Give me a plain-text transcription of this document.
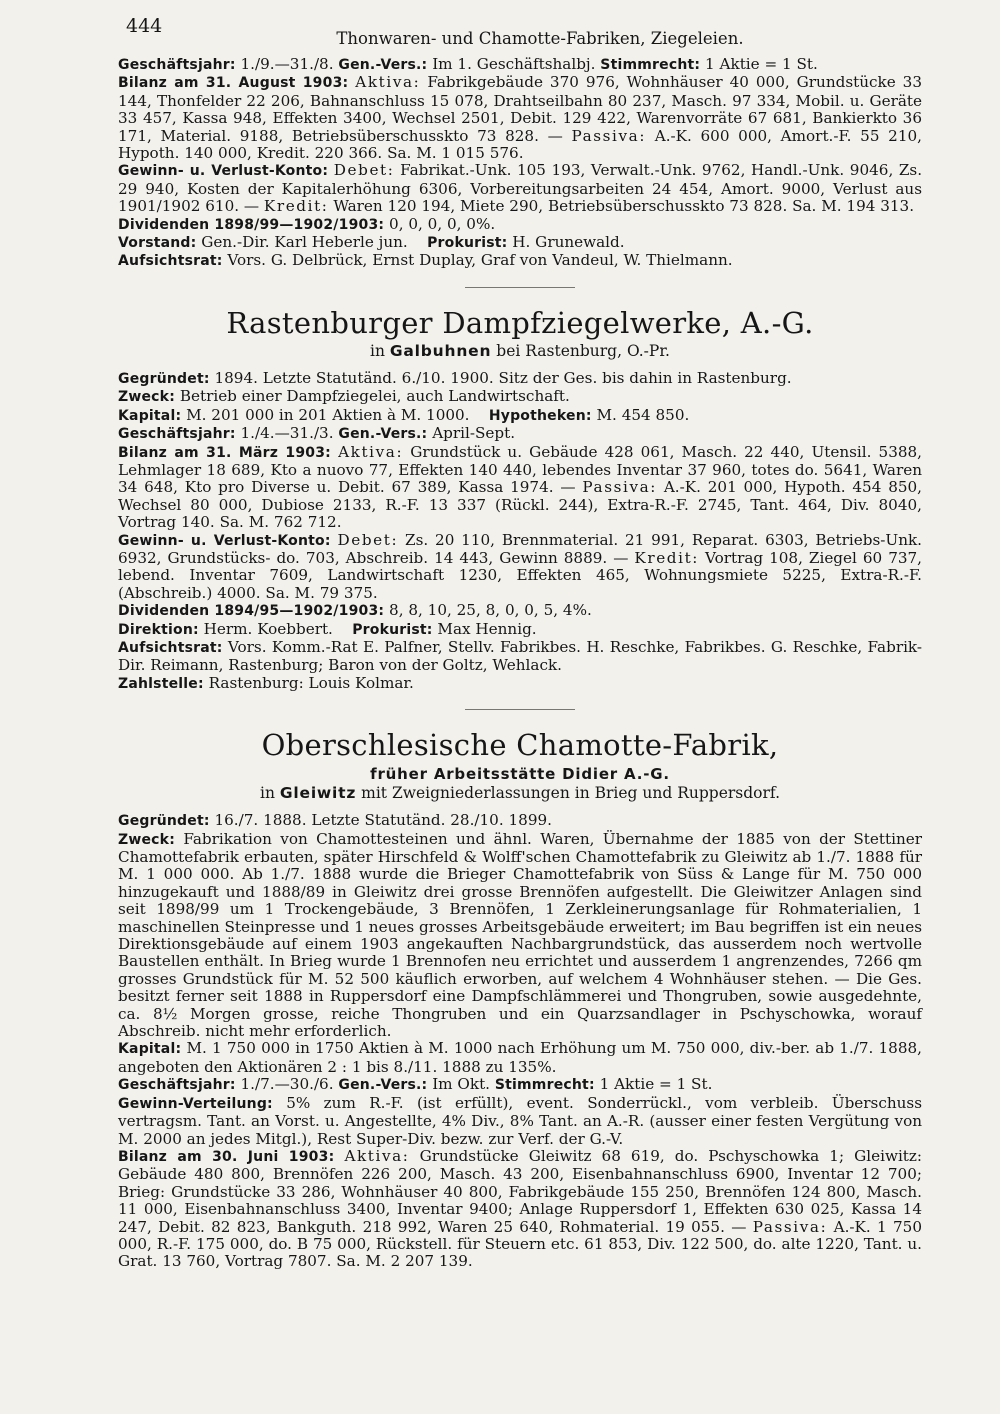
444
Thonwaren- und Chamotte-Fabriken, Ziegeleien.

Geschäftsjahr: 1./9.—31./8. Gen.-Vers.: Im 1. Geschäftshalbj. Stimmrecht: 1 Aktie = 1 St.

Bilanz am 31. August 1903: Aktiva: Fabrikgebäude 370 976, Wohnhäuser 40 000, Grundstücke 33 144, Thonfelder 22 206, Bahnanschluss 15 078, Drahtseilbahn 80 237, Masch. 97 334, Mobil. u. Geräte 33 457, Kassa 948, Effekten 3400, Wechsel 2501, Debit. 129 422, Warenvorräte 67 681, Bankierkto 36 171, Material. 9188, Betriebsüberschusskto 73 828. — Passiva: A.-K. 600 000, Amort.-F. 55 210, Hypoth. 140 000, Kredit. 220 366. Sa. M. 1 015 576.

Gewinn- u. Verlust-Konto: Debet: Fabrikat.-Unk. 105 193, Verwalt.-Unk. 9762, Handl.-Unk. 9046, Zs. 29 940, Kosten der Kapitalerhöhung 6306, Vorbereitungsarbeiten 24 454, Amort. 9000, Verlust aus 1901/1902 610. — Kredit: Waren 120 194, Miete 290, Betriebsüberschusskto 73 828. Sa. M. 194 313.

Dividenden 1898/99—1902/1903: 0, 0, 0, 0, 0%.

Vorstand: Gen.-Dir. Karl Heberle jun. Prokurist: H. Grunewald.

Aufsichtsrat: Vors. G. Delbrück, Ernst Duplay, Graf von Vandeul, W. Thielmann.

Rastenburger Dampfziegelwerke, A.-G.
in Galbuhnen bei Rastenburg, O.-Pr.

Gegründet: 1894. Letzte Statutänd. 6./10. 1900. Sitz der Ges. bis dahin in Rastenburg.

Zweck: Betrieb einer Dampfziegelei, auch Landwirtschaft.

Kapital: M. 201 000 in 201 Aktien à M. 1000. Hypotheken: M. 454 850.

Geschäftsjahr: 1./4.—31./3. Gen.-Vers.: April-Sept.

Bilanz am 31. März 1903: Aktiva: Grundstück u. Gebäude 428 061, Masch. 22 440, Utensil. 5388, Lehmlager 18 689, Kto a nuovo 77, Effekten 140 440, lebendes Inventar 37 960, totes do. 5641, Waren 34 648, Kto pro Diverse u. Debit. 67 389, Kassa 1974. — Passiva: A.-K. 201 000, Hypoth. 454 850, Wechsel 80 000, Dubiose 2133, R.-F. 13 337 (Rückl. 244), Extra-R.-F. 2745, Tant. 464, Div. 8040, Vortrag 140. Sa. M. 762 712.

Gewinn- u. Verlust-Konto: Debet: Zs. 20 110, Brennmaterial. 21 991, Reparat. 6303, Betriebs-Unk. 6932, Grundstücks- do. 703, Abschreib. 14 443, Gewinn 8889. — Kredit: Vortrag 108, Ziegel 60 737, lebend. Inventar 7609, Landwirtschaft 1230, Effekten 465, Wohnungsmiete 5225, Extra-R.-F. (Abschreib.) 4000. Sa. M. 79 375.

Dividenden 1894/95—1902/1903: 8, 8, 10, 25, 8, 0, 0, 5, 4%.

Direktion: Herm. Koebbert. Prokurist: Max Hennig.

Aufsichtsrat: Vors. Komm.-Rat E. Palfner, Stellv. Fabrikbes. H. Reschke, Fabrikbes. G. Reschke, Fabrik-Dir. Reimann, Rastenburg; Baron von der Goltz, Wehlack.

Zahlstelle: Rastenburg: Louis Kolmar.

Oberschlesische Chamotte-Fabrik,
früher Arbeitsstätte Didier A.-G.
in Gleiwitz mit Zweigniederlassungen in Brieg und Ruppersdorf.

Gegründet: 16./7. 1888. Letzte Statutänd. 28./10. 1899.

Zweck: Fabrikation von Chamottesteinen und ähnl. Waren, Übernahme der 1885 von der Stettiner Chamottefabrik erbauten, später Hirschfeld & Wolff'schen Chamottefabrik zu Gleiwitz ab 1./7. 1888 für M. 1 000 000. Ab 1./7. 1888 wurde die Brieger Chamottefabrik von Süss & Lange für M. 750 000 hinzugekauft und 1888/89 in Gleiwitz drei grosse Brennöfen aufgestellt. Die Gleiwitzer Anlagen sind seit 1898/99 um 1 Trockengebäude, 3 Brennöfen, 1 Zerkleinerungsanlage für Rohmaterialien, 1 maschinellen Steinpresse und 1 neues grosses Arbeitsgebäude erweitert; im Bau begriffen ist ein neues Direktionsgebäude auf einem 1903 angekauften Nachbargrundstück, das ausserdem noch wertvolle Baustellen enthält. In Brieg wurde 1 Brennofen neu errichtet und ausserdem 1 angrenzendes, 7266 qm grosses Grundstück für M. 52 500 käuflich erworben, auf welchem 4 Wohnhäuser stehen. — Die Ges. besitzt ferner seit 1888 in Ruppersdorf eine Dampfschlämmerei und Thongruben, sowie ausgedehnte, ca. 8½ Morgen grosse, reiche Thongruben und ein Quarzsandlager in Pschyschowka, worauf Abschreib. nicht mehr erforderlich.

Kapital: M. 1 750 000 in 1750 Aktien à M. 1000 nach Erhöhung um M. 750 000, div.-ber. ab 1./7. 1888, angeboten den Aktionären 2 : 1 bis 8./11. 1888 zu 135%.

Geschäftsjahr: 1./7.—30./6. Gen.-Vers.: Im Okt. Stimmrecht: 1 Aktie = 1 St.

Gewinn-Verteilung: 5% zum R.-F. (ist erfüllt), event. Sonderrückl., vom verbleib. Überschuss vertragsm. Tant. an Vorst. u. Angestellte, 4% Div., 8% Tant. an A.-R. (ausser einer festen Vergütung von M. 2000 an jedes Mitgl.), Rest Super-Div. bezw. zur Verf. der G.-V.

Bilanz am 30. Juni 1903: Aktiva: Grundstücke Gleiwitz 68 619, do. Pschyschowka 1; Gleiwitz: Gebäude 480 800, Brennöfen 226 200, Masch. 43 200, Eisenbahnanschluss 6900, Inventar 12 700; Brieg: Grundstücke 33 286, Wohnhäuser 40 800, Fabrikgebäude 155 250, Brennöfen 124 800, Masch. 11 000, Eisenbahnanschluss 3400, Inventar 9400; Anlage Ruppersdorf 1, Effekten 630 025, Kassa 14 247, Debit. 82 823, Bankguth. 218 992, Waren 25 640, Rohmaterial. 19 055. — Passiva: A.-K. 1 750 000, R.-F. 175 000, do. B 75 000, Rückstell. für Steuern etc. 61 853, Div. 122 500, do. alte 1220, Tant. u. Grat. 13 760, Vortrag 7807. Sa. M. 2 207 139.
